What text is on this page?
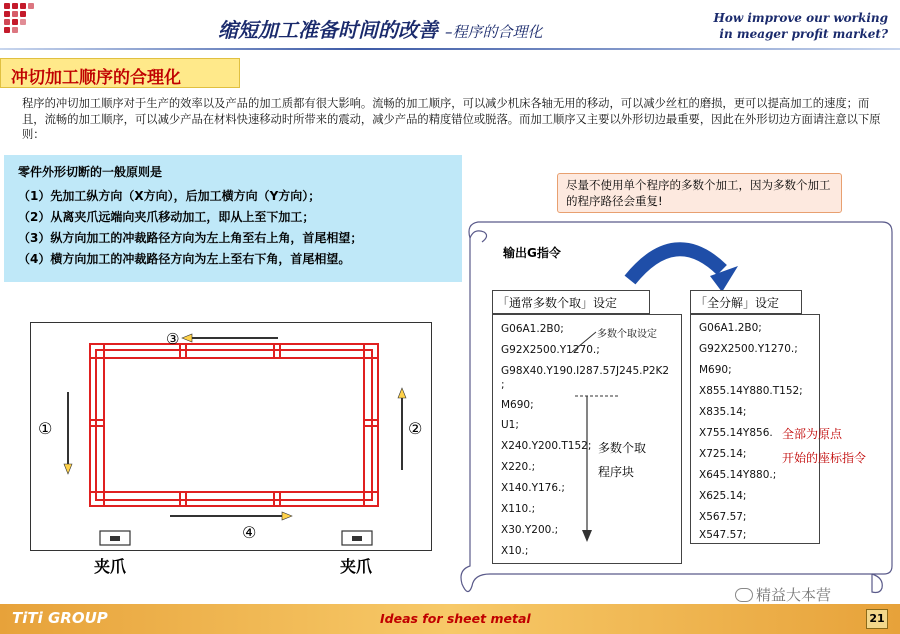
缩短加工准备时间的改善 –程序的合理化
How improve our working
in meager profit market?
冲切加工顺序的合理化
程序的冲切加工顺序对于生产的效率以及产品的加工质都有很大影响。流畅的加工顺序，可以减少机床各轴无用的移动，可以减少丝杠的磨损，更可以提高加工的速度；而且，流畅的加工顺序，可以减少产品在材料快速移动时所带来的震动，减少产品的精度错位或脱落。而加工顺序又主要以外形切边最重要，因此在外形切边方面请注意以下原则：
零件外形切断的一般原则是
（1）先加工纵方向（X方向），后加工横方向（Y方向）；
（2）从离夹爪远端向夹爪移动加工，即从上至下加工；
（3）纵方向加工的冲裁路径方向为左上角至右上角，首尾相望；
（4）横方向加工的冲裁路径方向为左上至右下角，首尾相望。
尽量不使用单个程序的多数个加工，因为多数个加工的程序路径会重复!
输出G指令
「通常多数个取」设定
G06A1.2B0;
G92X2500.Y1270.;
G98X40.Y190.I287.57J245.P2K2
;
M690;
U1;
X240.Y200.T152;
X220.;
X140.Y176.;
X110.;
X30.Y200.;
X10.;
多数个取设定
多数个取
程序块
「全分解」设定
G06A1.2B0;
G92X2500.Y1270.;
M690;
X855.14Y880.T152;
X835.14;
X755.14Y856.
X725.14;
X645.14Y880.;
X625.14;
X567.57;
X547.57;
全部为原点
开始的座标指令
③
①	②
④
夹爪	夹爪
精益大本营
TiTi GROUP	Ideas for sheet metal	21
